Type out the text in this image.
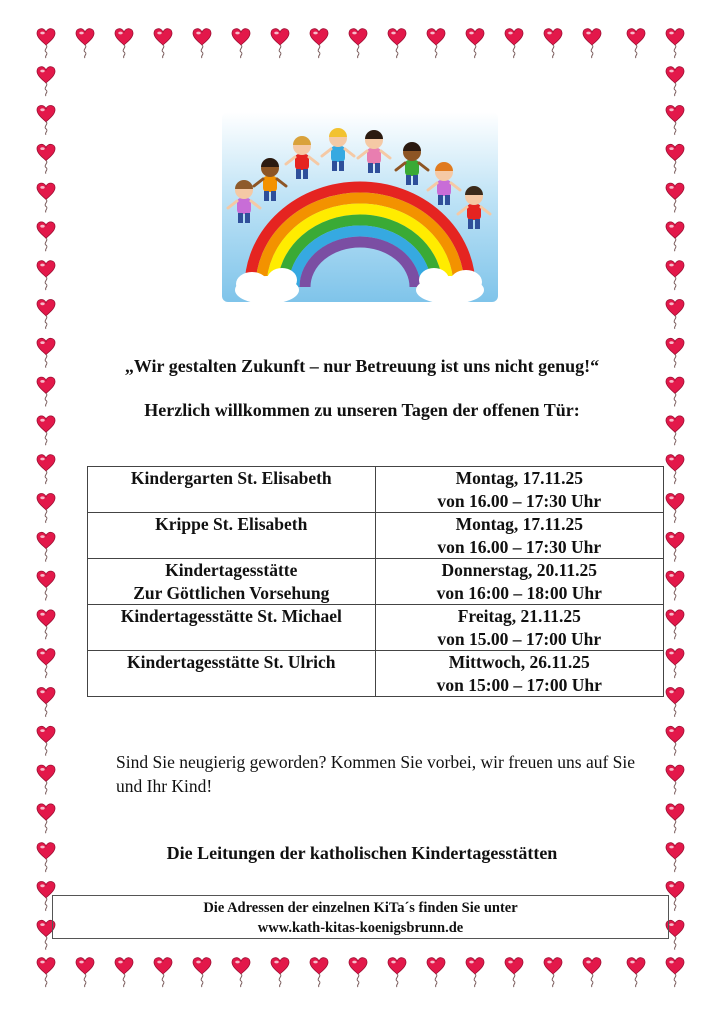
„Wir gestalten Zukunft – nur Betreuung ist uns nicht genug!“
Herzlich willkommen zu unseren Tagen der offenen Tür:
Kindergarten St. Elisabeth	Montag, 17.11.25
von 16.00 – 17:30 Uhr

Krippe St. Elisabeth	Montag, 17.11.25
von 16.00 – 17:30 Uhr

Kindertagesstätte
Zur Göttlichen Vorsehung	Donnerstag, 20.11.25
von 16:00 – 18:00 Uhr

Kindertagesstätte St. Michael	Freitag, 21.11.25
von 15.00 – 17:00 Uhr

Kindertagesstätte St. Ulrich	Mittwoch, 26.11.25
von 15:00 – 17:00 Uhr
Sind Sie neugierig geworden? Kommen Sie vorbei, wir freuen uns auf Sie und Ihr Kind!
Die Leitungen der katholischen Kindertagesstätten
Die Adressen der einzelnen KiTa´s finden Sie unter
www.kath-kitas-koenigsbrunn.de
